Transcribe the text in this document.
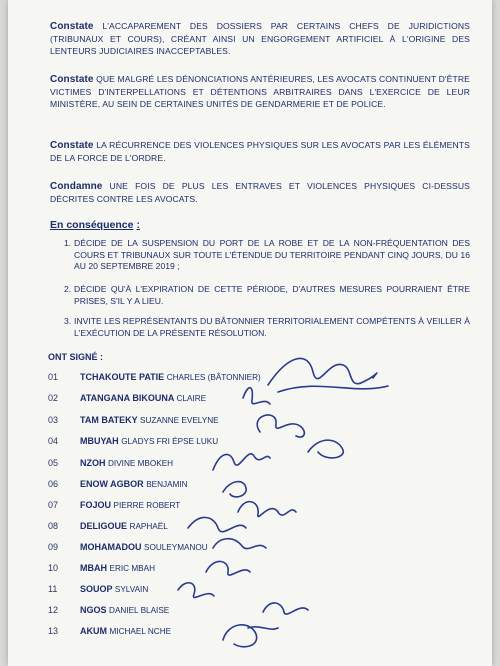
Constate L'ACCAPAREMENT DES DOSSIERS PAR CERTAINS CHEFS DE JURIDICTIONS (TRIBUNAUX ET COURS), CRÉANT AINSI UN ENGORGEMENT ARTIFICIEL À L'ORIGINE DES LENTEURS JUDICIAIRES INACCEPTABLES.
Constate QUE MALGRÉ LES DÉNONCIATIONS ANTÉRIEURES, LES AVOCATS CONTINUENT D'ÊTRE VICTIMES D'INTERPELLATIONS ET DÉTENTIONS ARBITRAIRES DANS L'EXERCICE DE LEUR MINISTÈRE, AU SEIN DE CERTAINES UNITÉS DE GENDARMERIE ET DE POLICE.
Constate LA RÉCURRENCE DES VIOLENCES PHYSIQUES SUR LES AVOCATS PAR LES ÉLÉMENTS DE LA FORCE DE L'ORDRE.
Condamne UNE FOIS DE PLUS LES ENTRAVES ET VIOLENCES PHYSIQUES CI-DESSUS DÉCRITES CONTRE LES AVOCATS.
En conséquence :
1. DÉCIDE DE LA SUSPENSION DU PORT DE LA ROBE ET DE LA NON-FRÉQUENTATION DES COURS ET TRIBUNAUX SUR TOUTE L'ÉTENDUE DU TERRITOIRE PENDANT CINQ JOURS, DU 16 AU 20 SEPTEMBRE 2019 ;
2. DÉCIDE QU'À L'EXPIRATION DE CETTE PÉRIODE, D'AUTRES MESURES POURRAIENT ÊTRE PRISES, S'IL Y A LIEU.
3. INVITE LES REPRÉSENTANTS DU BÂTONNIER TERRITORIALEMENT COMPÉTENTS À VEILLER À L'EXÉCUTION DE LA PRÉSENTE RÉSOLUTION.
ONT SIGNÉ :
01	TCHAKOUTE PATIE CHARLES (BÂTONNIER)
02	ATANGANA BIKOUNA CLAIRE
03	TAM BATEKY SUZANNE EVELYNE
04	MBUYAH GLADYS FRI ÉPSE LUKU
05	NZOH DIVINE MBOKEH
06	ENOW AGBOR BENJAMIN
07	FOJOU PIERRE ROBERT
08	DELIGOUE RAPHAËL
09	MOHAMADOU SOULEYMANOU
10	MBAH ERIC MBAH
11	SOUOP SYLVAIN
12	NGOS DANIEL BLAISE
13	AKUM MICHAEL NCHE
